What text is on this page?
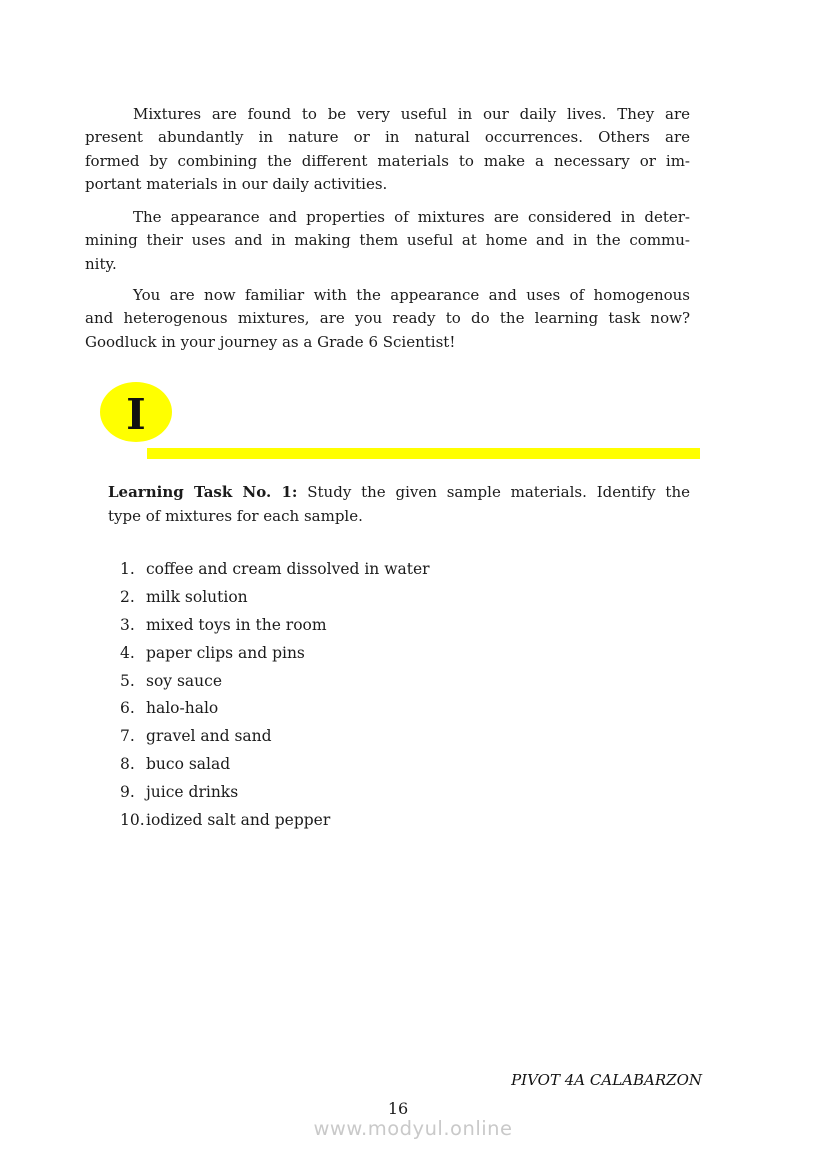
Mixtures are found to be very useful in our daily lives. They are
present abundantly in nature or in natural occurrences. Others are
formed by combining the different materials to make a necessary or im-
portant materials in our daily activities.
The appearance and properties of mixtures are considered in deter-
mining their uses and in making them useful at home and in the commu-
nity.
You are now familiar with the appearance and uses of homogenous
and heterogenous mixtures, are you ready to do the learning task now?
Goodluck in your journey as a Grade 6 Scientist!
I
Learning Task No. 1: Study the given sample materials. Identify the
type of mixtures for each sample.
1. coffee and cream dissolved in water
2. milk solution
3. mixed toys in the room
4. paper clips and pins
5. soy sauce
6. halo-halo
7. gravel and sand
8. buco salad
9. juice drinks
10.iodized salt and pepper
PIVOT 4A CALABARZON
16
www.modyul.online
